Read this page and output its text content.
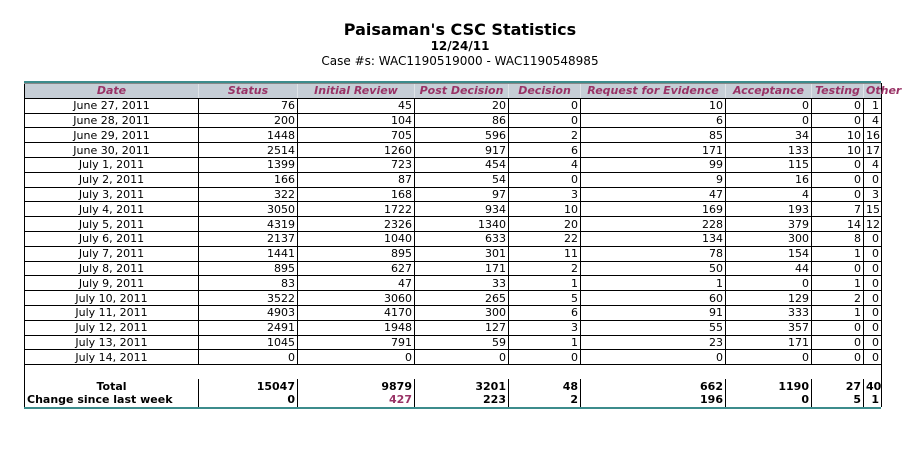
Paisaman's CSC Statistics
12/24/11
Case #s: WAC1190519000 - WAC1190548985
Date	Status	Initial Review	Post Decision	Decision	Request for Evidence	Acceptance	Testing	Other
June 27, 2011	76	45	20	0	10	0	0	1
June 28, 2011	200	104	86	0	6	0	0	4
June 29, 2011	1448	705	596	2	85	34	10	16
June 30, 2011	2514	1260	917	6	171	133	10	17
July 1, 2011	1399	723	454	4	99	115	0	4
July 2, 2011	166	87	54	0	9	16	0	0
July 3, 2011	322	168	97	3	47	4	0	3
July 4, 2011	3050	1722	934	10	169	193	7	15
July 5, 2011	4319	2326	1340	20	228	379	14	12
July 6, 2011	2137	1040	633	22	134	300	8	0
July 7, 2011	1441	895	301	11	78	154	1	0
July 8, 2011	895	627	171	2	50	44	0	0
July 9, 2011	83	47	33	1	1	0	1	0
July 10, 2011	3522	3060	265	5	60	129	2	0
July 11, 2011	4903	4170	300	6	91	333	1	0
July 12, 2011	2491	1948	127	3	55	357	0	0
July 13, 2011	1045	791	59	1	23	171	0	0
July 14, 2011	0	0	0	0	0	0	0	0

Total	15047	9879	3201	48	662	1190	27	40
Change since last week	0	427	223	2	196	0	5	1
